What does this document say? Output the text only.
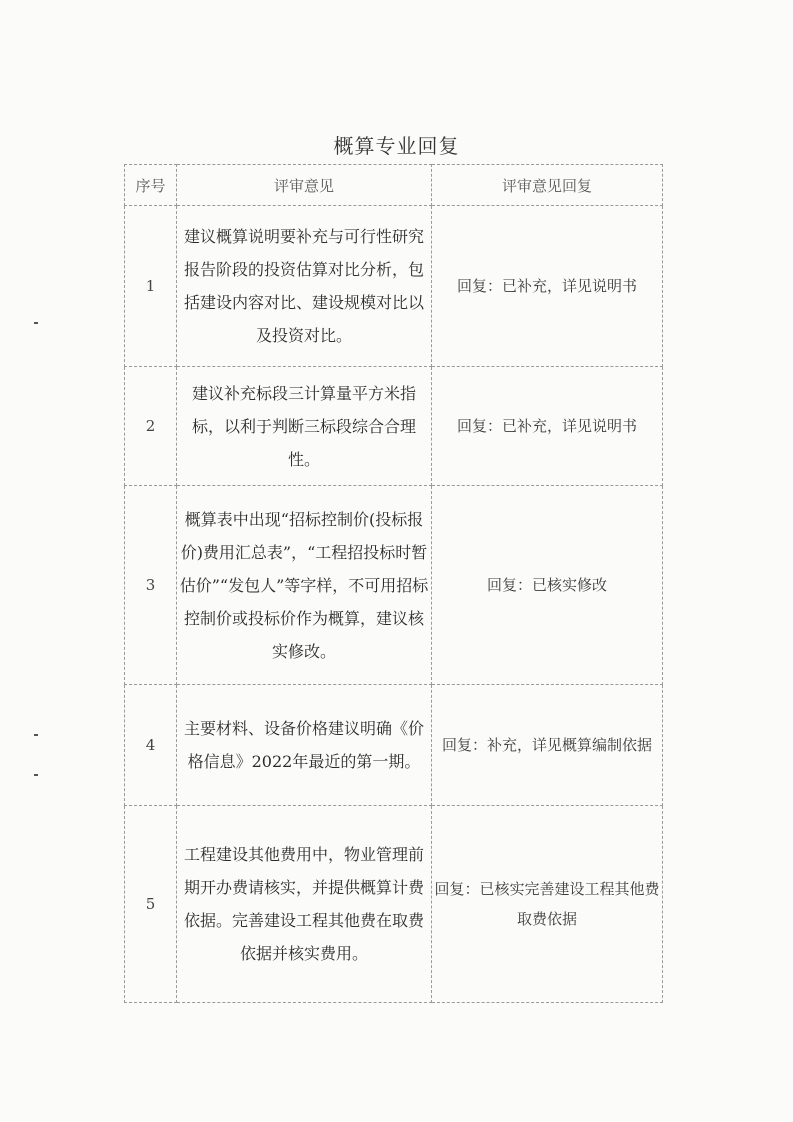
概算专业回复
序号	评审意见	评审意见回复
1	建议概算说明要补充与可行性研究报告阶段的投资估算对比分析，包括建设内容对比、建设规模对比以及投资对比。	回复：已补充，详见说明书
2	建议补充标段三计算量平方米指标，以利于判断三标段综合合理性。	回复：已补充，详见说明书
3	概算表中出现“招标控制价(投标报价)费用汇总表”，“工程招投标时暂估价”“发包人”等字样，不可用招标控制价或投标价作为概算，建议核实修改。	回复：已核实修改
4	主要材料、设备价格建议明确《价格信息》2022年最近的第一期。	回复：补充，详见概算编制依据
5	工程建设其他费用中，物业管理前期开办费请核实，并提供概算计费依据。完善建设工程其他费在取费依据并核实费用。	回复：已核实完善建设工程其他费取费依据
